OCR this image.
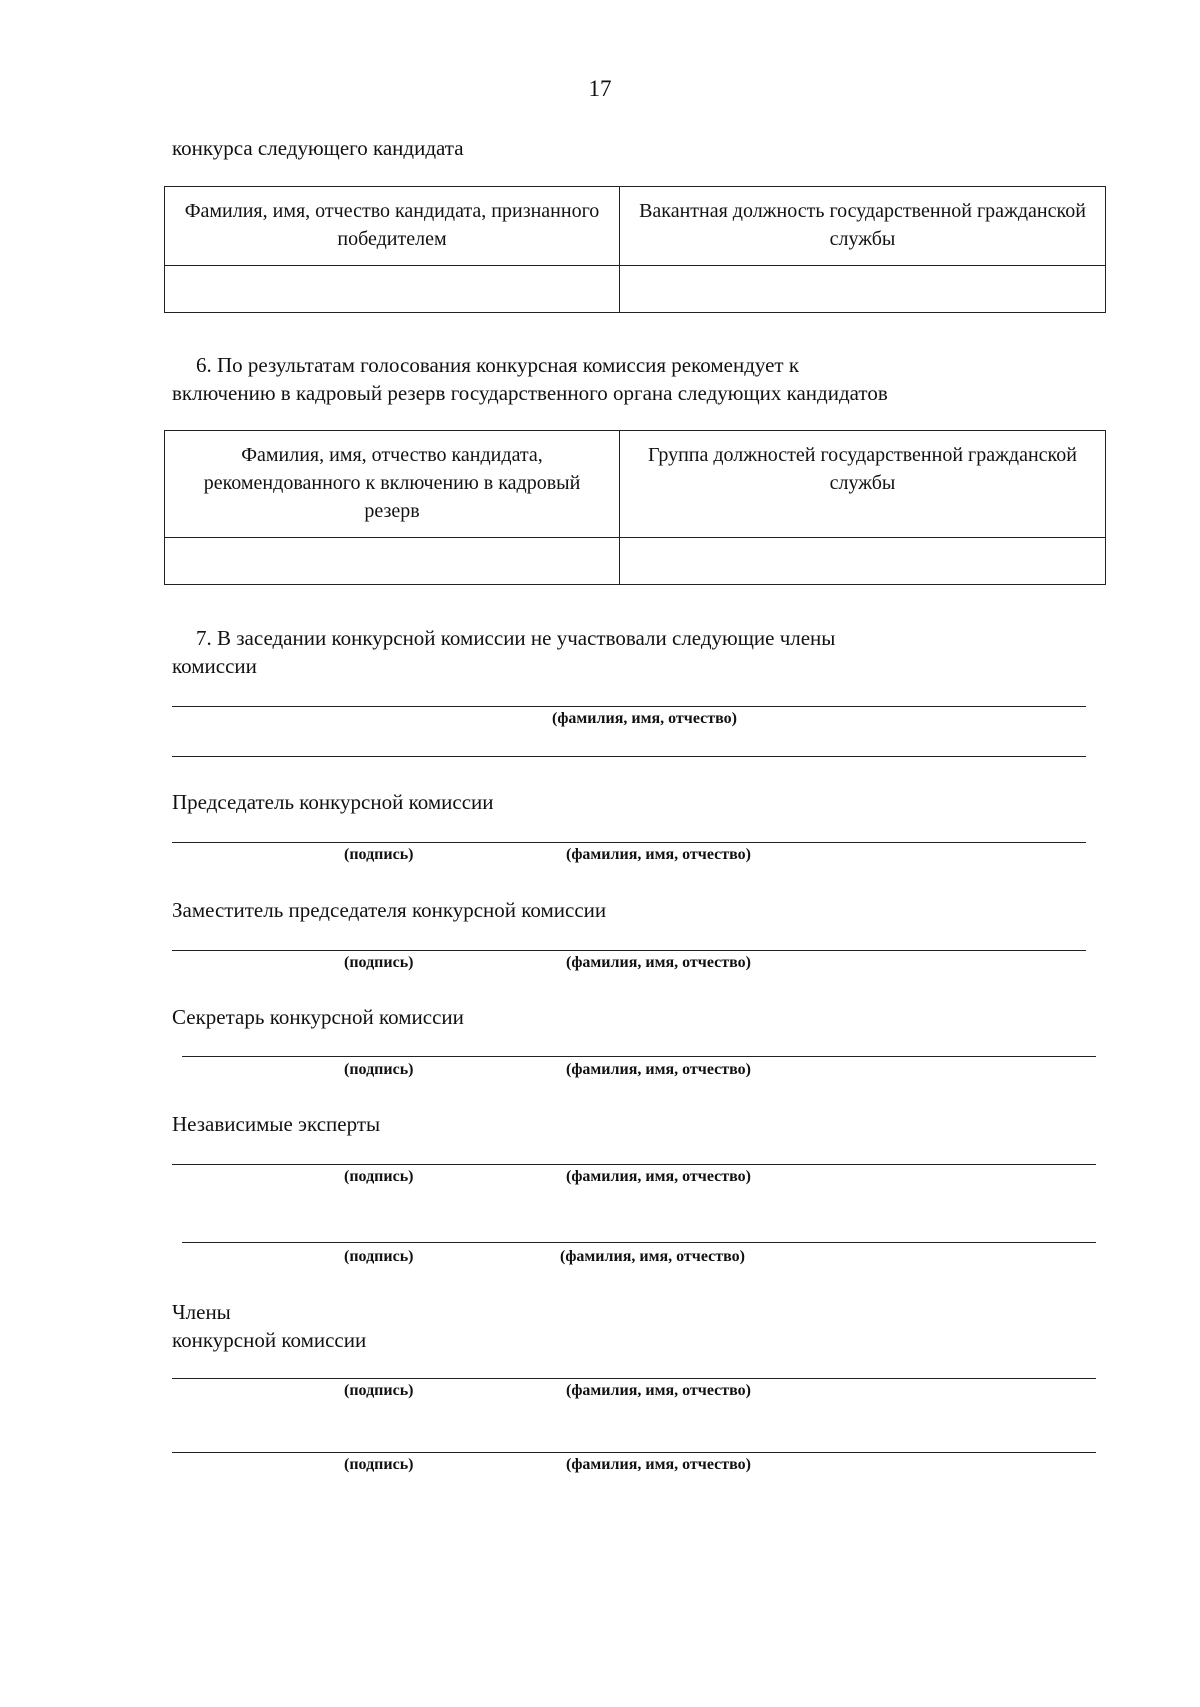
17
конкурса следующего кандидата
Фамилия, имя, отчество кандидата, признанного победителем	Вакантная должность государственной гражданской службы

6. По результатам голосования конкурсная комиссия рекомендует к
включению в кадровый резерв государственного органа следующих кандидатов
Фамилия, имя, отчество кандидата, рекомендованного к включению в кадровый резерв	Группа должностей государственной гражданской службы

7. В заседании конкурсной комиссии не участвовали следующие члены
комиссии
(фамилия, имя, отчество)
Председатель конкурсной комиссии
(подпись)	(фамилия, имя, отчество)
Заместитель председателя конкурсной комиссии
(подпись)	(фамилия, имя, отчество)
Секретарь конкурсной комиссии
(подпись)	(фамилия, имя, отчество)
Независимые эксперты
(подпись)	(фамилия, имя, отчество)
(подпись)	(фамилия, имя, отчество)
Члены
конкурсной комиссии
(подпись)	(фамилия, имя, отчество)
(подпись)	(фамилия, имя, отчество)
